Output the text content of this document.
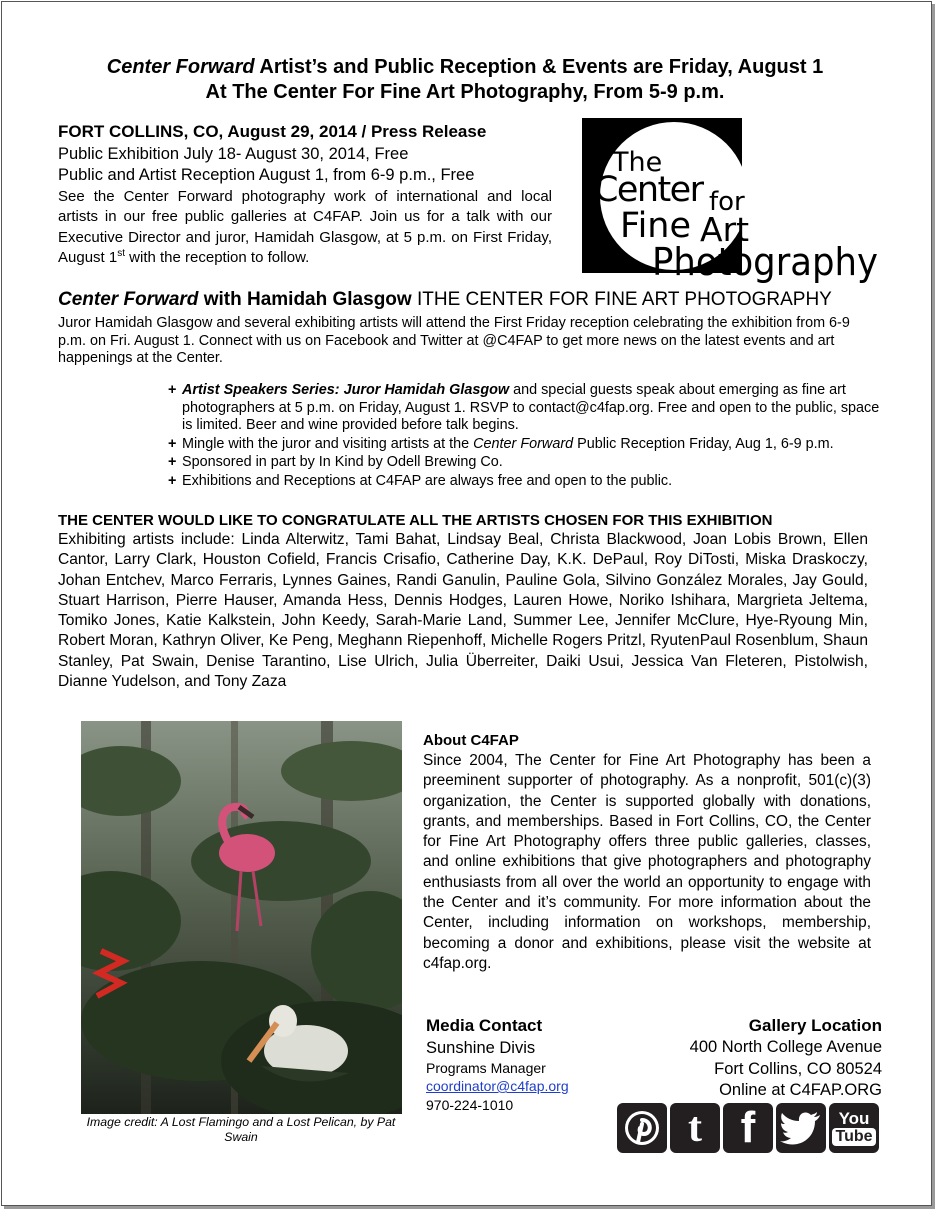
Center Forward Artist’s and Public Reception & Events are Friday, August 1
At The Center For Fine Art Photography, From 5-9 p.m.
FORT COLLINS, CO, August 29, 2014 / Press Release
Public Exhibition July 18- August 30, 2014, Free
Public and Artist Reception August 1, from 6-9 p.m., Free
See the Center Forward photography work of international and local artists in our free public galleries at C4FAP. Join us for a talk with our Executive Director and juror, Hamidah Glasgow, at 5 p.m. on First Friday, August 1st with the reception to follow.
The
Center for
Fine Art
Photography
Center Forward with Hamidah Glasgow ITHE CENTER FOR FINE ART PHOTOGRAPHY
Juror Hamidah Glasgow and several exhibiting artists will attend the First Friday reception celebrating the exhibition from 6-9 p.m. on Fri. August 1. Connect with us on Facebook and Twitter at @C4FAP to get more news on the latest events and art happenings at the Center.
+ Artist Speakers Series: Juror Hamidah Glasgow and special guests speak about emerging as fine art photographers at 5 p.m. on Friday, August 1. RSVP to contact@c4fap.org. Free and open to the public, space is limited. Beer and wine provided before talk begins.
+ Mingle with the juror and visiting artists at the Center Forward Public Reception Friday, Aug 1, 6-9 p.m.
+ Sponsored in part by In Kind by Odell Brewing Co.
+ Exhibitions and Receptions at C4FAP are always free and open to the public.
THE CENTER WOULD LIKE TO CONGRATULATE ALL THE ARTISTS CHOSEN FOR THIS EXHIBITION
Exhibiting artists include: Linda Alterwitz, Tami Bahat, Lindsay Beal, Christa Blackwood, Joan Lobis Brown, Ellen Cantor, Larry Clark, Houston Cofield, Francis Crisafio, Catherine Day, K.K. DePaul, Roy DiTosti, Miska Draskoczy, Johan Entchev, Marco Ferraris, Lynnes Gaines, Randi Ganulin, Pauline Gola, Silvino González Morales, Jay Gould, Stuart Harrison, Pierre Hauser, Amanda Hess, Dennis Hodges, Lauren Howe, Noriko Ishihara, Margrieta Jeltema, Tomiko Jones, Katie Kalkstein, John Keedy, Sarah-Marie Land, Summer Lee, Jennifer McClure, Hye-Ryoung Min, Robert Moran, Kathryn Oliver, Ke Peng, Meghann Riepenhoff, Michelle Rogers Pritzl, RyutenPaul Rosenblum, Shaun Stanley, Pat Swain, Denise Tarantino, Lise Ulrich, Julia Überreiter, Daiki Usui, Jessica Van Fleteren, Pistolwish, Dianne Yudelson, and Tony Zaza
Image credit: A Lost Flamingo and a Lost Pelican, by Pat Swain
About C4FAP
Since 2004, The Center for Fine Art Photography has been a preeminent supporter of photography. As a nonprofit, 501(c)(3) organization, the Center is supported globally with donations, grants, and memberships. Based in Fort Collins, CO, the Center for Fine Art Photography offers three public galleries, classes, and online exhibitions that give photographers and photography enthusiasts from all over the world an opportunity to engage with the Center and it’s community. For more information about the Center, including information on workshops, membership, becoming a donor and exhibitions, please visit the website at c4fap.org.
Media Contact
Sunshine Divis
Programs Manager
coordinator@c4fap.org
970-224-1010
Gallery Location
400 North College Avenue
Fort Collins, CO 80524
Online at C4FAP.ORG
t f	You
Tube
